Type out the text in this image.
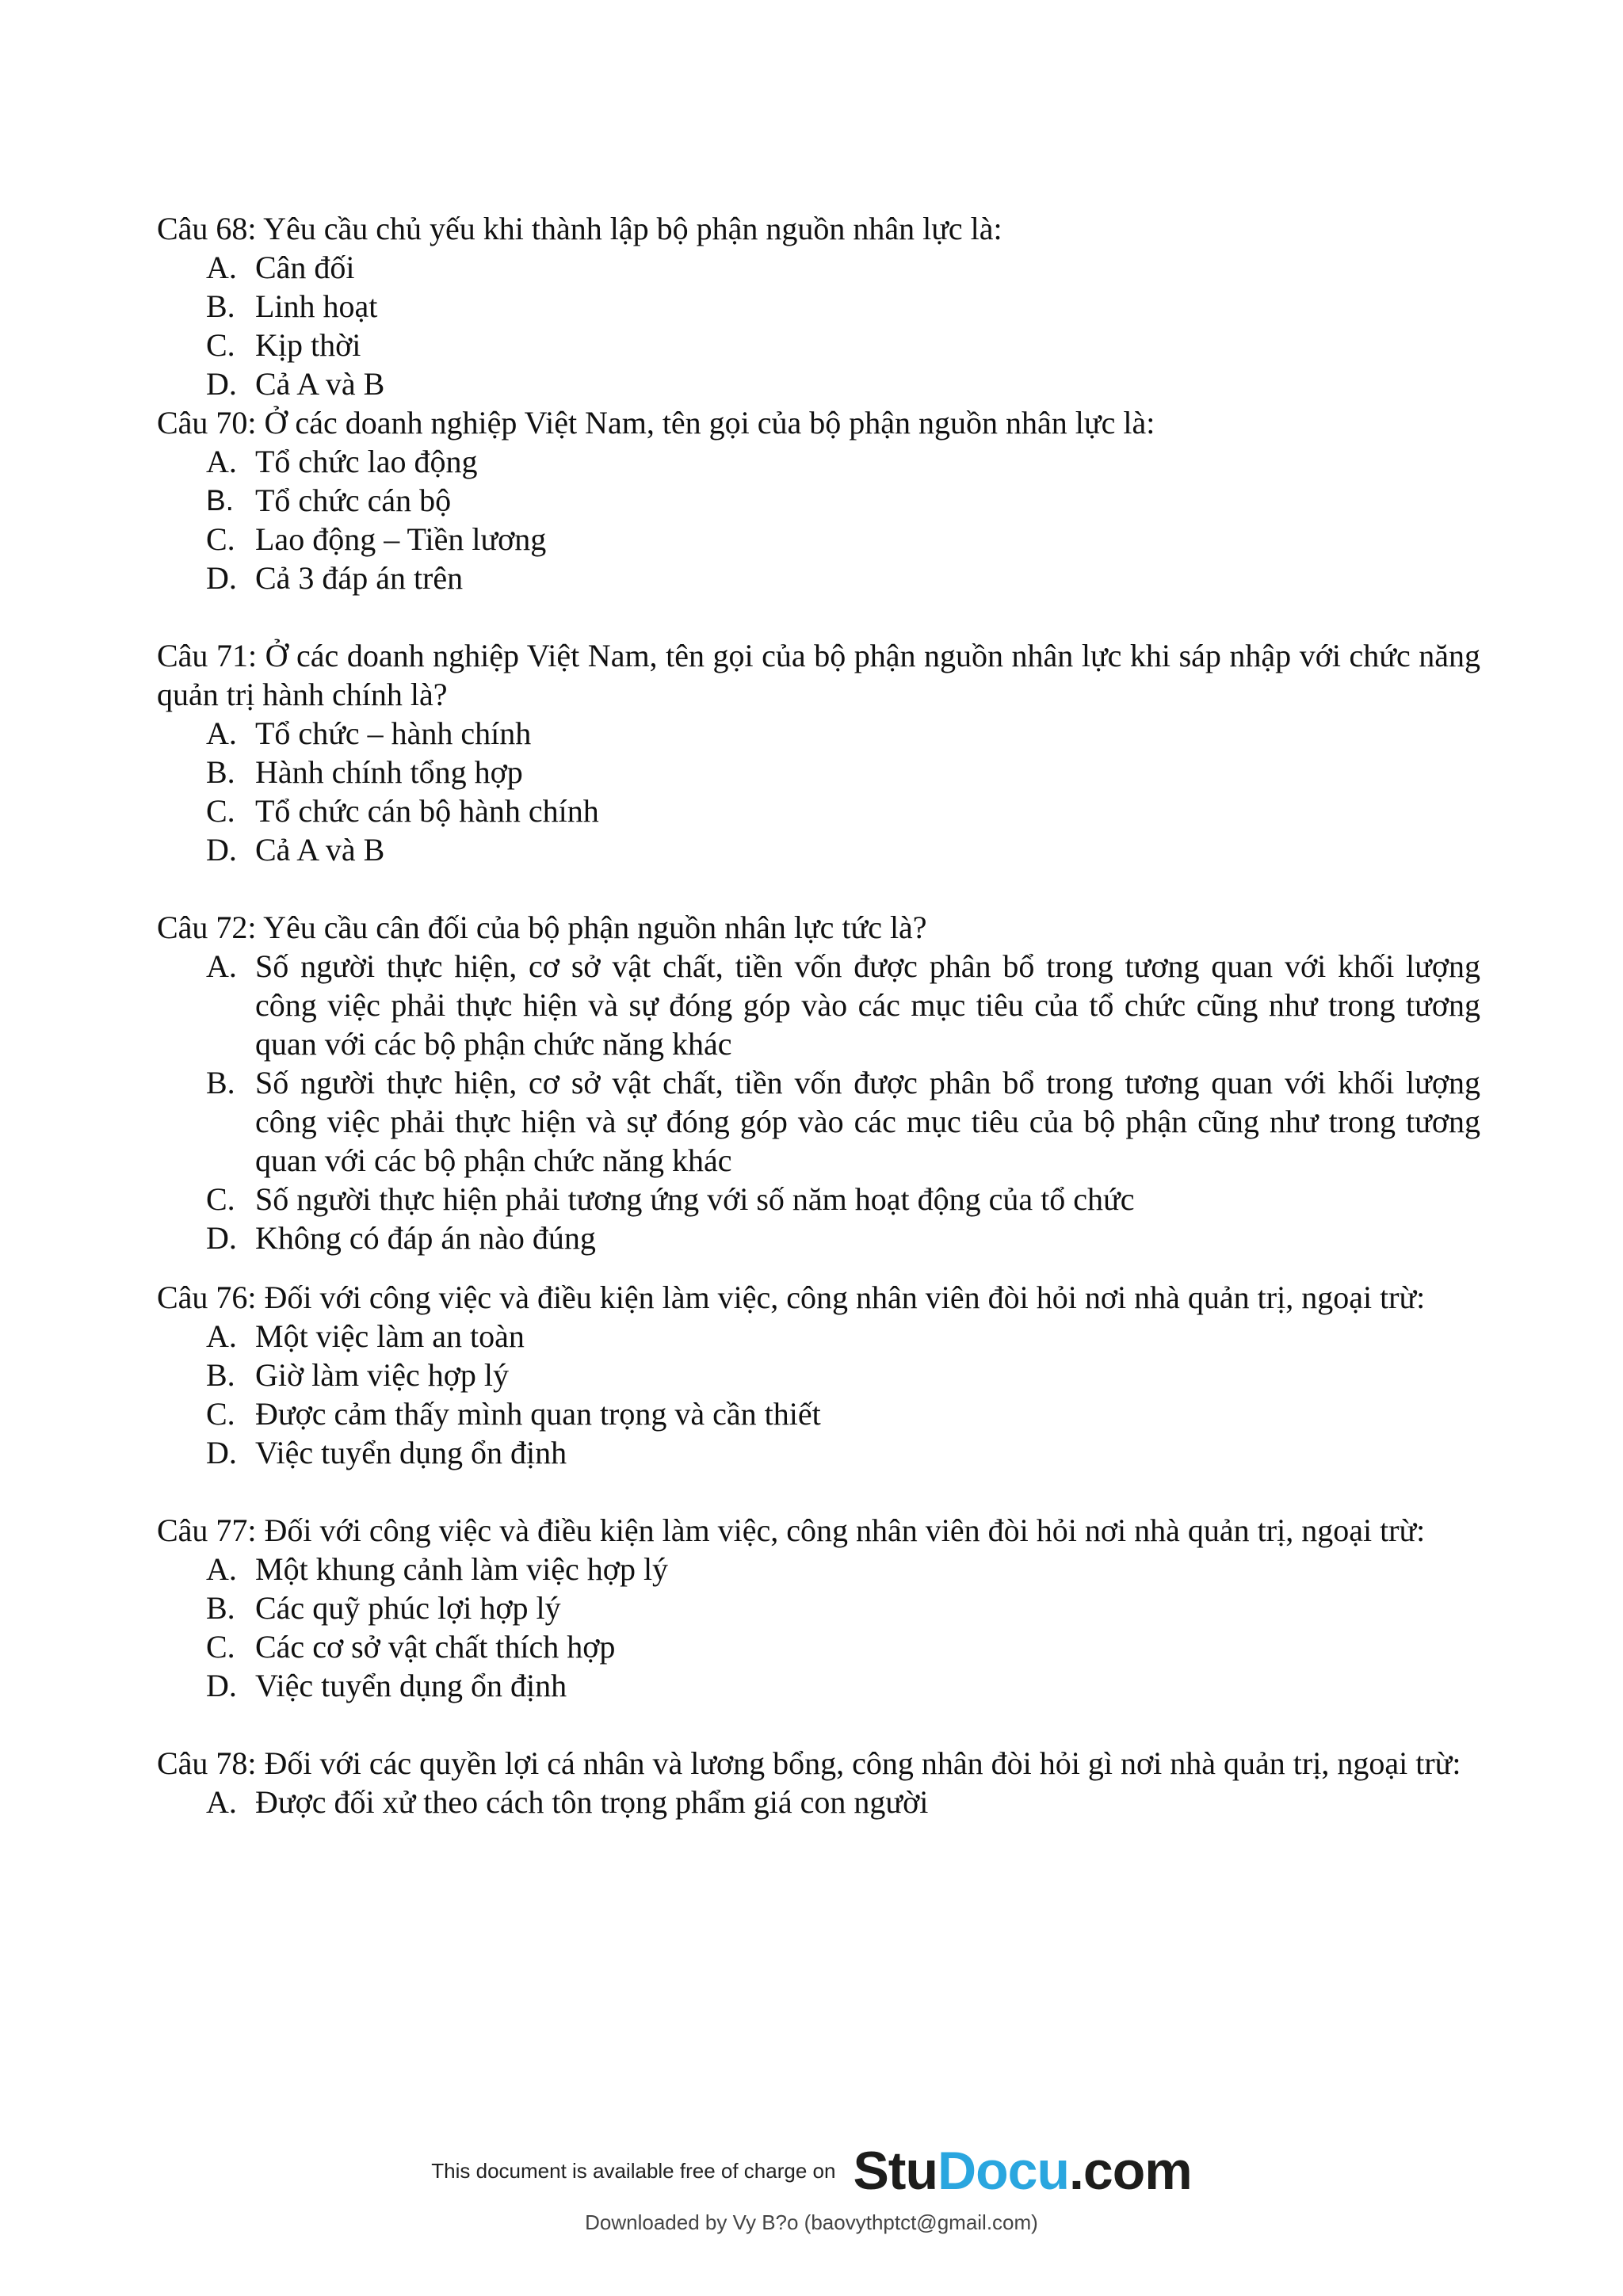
Câu 68: Yêu cầu chủ yếu khi thành lập bộ phận nguồn nhân lực là:

A. Cân đối
B. Linh hoạt
C. Kịp thời
D. Cả A và B

Câu 70: Ở các doanh nghiệp Việt Nam, tên gọi của bộ phận nguồn nhân lực là:

A. Tổ chức lao động
B. Tổ chức cán bộ
C. Lao động – Tiền lương
D. Cả 3 đáp án trên

Câu 71: Ở các doanh nghiệp Việt Nam, tên gọi của bộ phận nguồn nhân lực khi sáp nhập với chức năng quản trị hành chính là?

A. Tổ chức – hành chính
B. Hành chính tổng hợp
C. Tổ chức cán bộ hành chính
D. Cả A và B

Câu 72: Yêu cầu cân đối của bộ phận nguồn nhân lực tức là?

A. Số người thực hiện, cơ sở vật chất, tiền vốn được phân bổ trong tương quan với khối lượng công việc phải thực hiện và sự đóng góp vào các mục tiêu của tổ chức cũng như trong tương quan với các bộ phận chức năng khác
B. Số người thực hiện, cơ sở vật chất, tiền vốn được phân bổ trong tương quan với khối lượng công việc phải thực hiện và sự đóng góp vào các mục tiêu của bộ phận cũng như trong tương quan với các bộ phận chức năng khác
C. Số người thực hiện phải tương ứng với số năm hoạt động của tổ chức
D. Không có đáp án nào đúng

Câu 76: Đối với công việc và điều kiện làm việc, công nhân viên đòi hỏi nơi nhà quản trị, ngoại trừ:

A. Một việc làm an toàn
B. Giờ làm việc hợp lý
C. Được cảm thấy mình quan trọng và cần thiết
D. Việc tuyển dụng ổn định

Câu 77: Đối với công việc và điều kiện làm việc, công nhân viên đòi hỏi nơi nhà quản trị, ngoại trừ:

A. Một khung cảnh làm việc hợp lý
B. Các quỹ phúc lợi hợp lý
C. Các cơ sở vật chất thích hợp
D. Việc tuyển dụng ổn định

Câu 78: Đối với các quyền lợi cá nhân và lương bổng, công nhân đòi hỏi gì nơi nhà quản trị, ngoại trừ:

A. Được đối xử theo cách tôn trọng phẩm giá con người
This document is available free of charge on StuDocu.com
Downloaded by Vy B?o (baovythptct@gmail.com)
